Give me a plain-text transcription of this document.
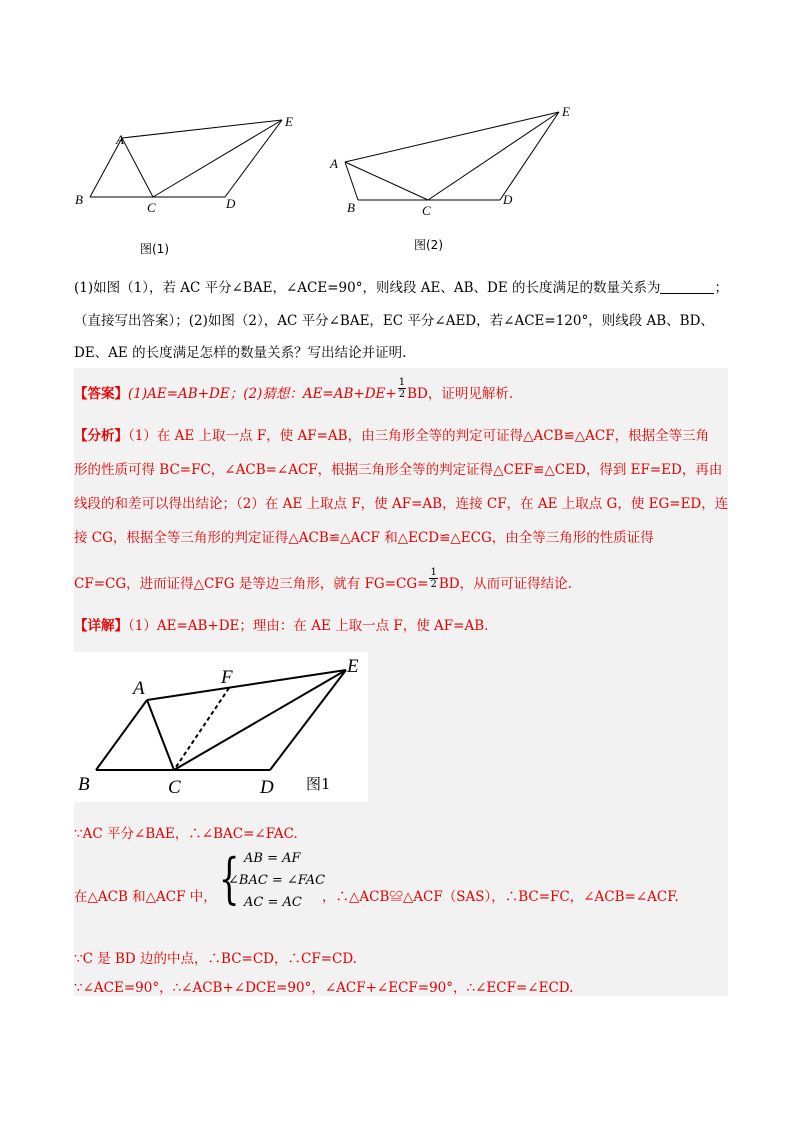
A
B
C	D
E
图(1)
A
B	C
D
E
图(2)
(1)如图（1），若 AC 平分∠BAE，∠ACE=90°，则线段 AE、AB、DE 的长度满足的数量关系为	；
（直接写出答案）；(2)如图（2），AC 平分∠BAE，EC 平分∠AED，若∠ACE=120°，则线段 AB、BD、
DE、AE 的长度满足怎样的数量关系？写出结论并证明.
【答案】(1)AE=AB+DE；(2)猜想：$AE=AB+DE+ \frac{1}{2}$ BD，证明见解析.
【分析】（1）在 AE 上取一点 F，使 AF=AB，由三角形全等的判定可证得△ACB≌△ACF，根据全等三角
形的性质可得 BC=FC，∠ACB=∠ACF，根据三角形全等的判定证得△CEF≌△CED，得到 EF=ED，再由
线段的和差可以得出结论；（2）在 AE 上取点 F，使 AF=AB，连接 CF，在 AE 上取点 G，使 EG=ED，连
接 CG，根据全等三角形的判定证得△ACB≌△ACF 和△ECD≌△ECG，由全等三角形的性质证得
CF=CG，进而证得△CFG 是等边三角形，就有 $FG=CG= \frac{1}{2}$ BD，从而可证得结论.
【详解】（1）AE=AB+DE；理由：在 AE 上取一点 F，使 AF=AB.
A
F
E
B	C	D 图1
∵AC 平分∠BAE，∴∠BAC=∠FAC.
在△ACB 和△ACF 中， { AB = AF
∠BAC = ∠FAC
AC = AC	，∴△ACB≌△ACF（SAS），∴BC=FC，∠ACB=∠ACF.
∵C 是 BD 边的中点，∴BC=CD，∴CF=CD.
∵∠ACE=90°，∴∠ACB+∠DCE=90°，∠ACF+∠ECF=90°，∴∠ECF=∠ECD.
